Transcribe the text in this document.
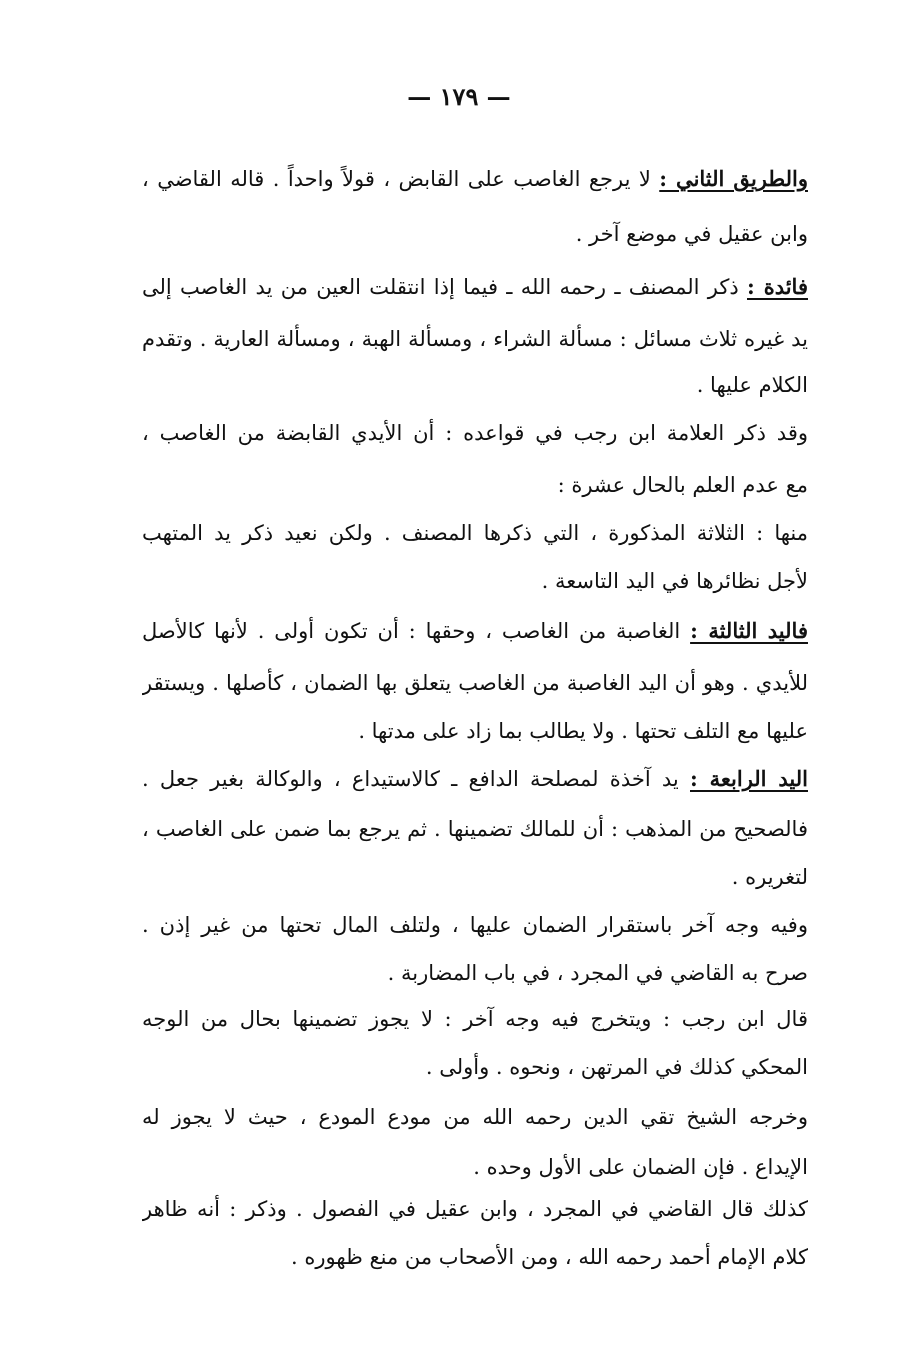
— ١٧٩ —
والطريق الثاني : لا يرجع الغاصب على القابض ، قولاً واحداً . قاله القاضي ،
وابن عقيل في موضع آخر .
فائدة : ذكر المصنف ـ رحمه الله ـ فيما إذا انتقلت العين من يد الغاصب إلى
يد غيره ثلاث مسائل : مسألة الشراء ، ومسألة الهبة ، ومسألة العارية . وتقدم
الكلام عليها .
وقد ذكر العلامة ابن رجب في قواعده : أن الأيدي القابضة من الغاصب ،
مع عدم العلم بالحال عشرة :
منها : الثلاثة المذكورة ، التي ذكرها المصنف . ولكن نعيد ذكر يد المتهب
لأجل نظائرها في اليد التاسعة .
فاليد الثالثة : الغاصبة من الغاصب ، وحقها : أن تكون أولى . لأنها كالأصل
للأيدي . وهو أن اليد الغاصبة من الغاصب يتعلق بها الضمان ، كأصلها . ويستقر
عليها مع التلف تحتها . ولا يطالب بما زاد على مدتها .
اليد الرابعة : يد آخذة لمصلحة الدافع ـ كالاستيداع ، والوكالة بغير جعل .
فالصحيح من المذهب : أن للمالك تضمينها . ثم يرجع بما ضمن على الغاصب ،
لتغريره .
وفيه وجه آخر باستقرار الضمان عليها ، ولتلف المال تحتها من غير إذن .
صرح به القاضي في المجرد ، في باب المضاربة .
قال ابن رجب : ويتخرج فيه وجه آخر : لا يجوز تضمينها بحال من الوجه
المحكي كذلك في المرتهن ، ونحوه . وأولى .
وخرجه الشيخ تقي الدين رحمه الله من مودع المودع ، حيث لا يجوز له
الإيداع . فإن الضمان على الأول وحده .
كذلك قال القاضي في المجرد ، وابن عقيل في الفصول . وذكر : أنه ظاهر
كلام الإمام أحمد رحمه الله ، ومن الأصحاب من منع ظهوره .
